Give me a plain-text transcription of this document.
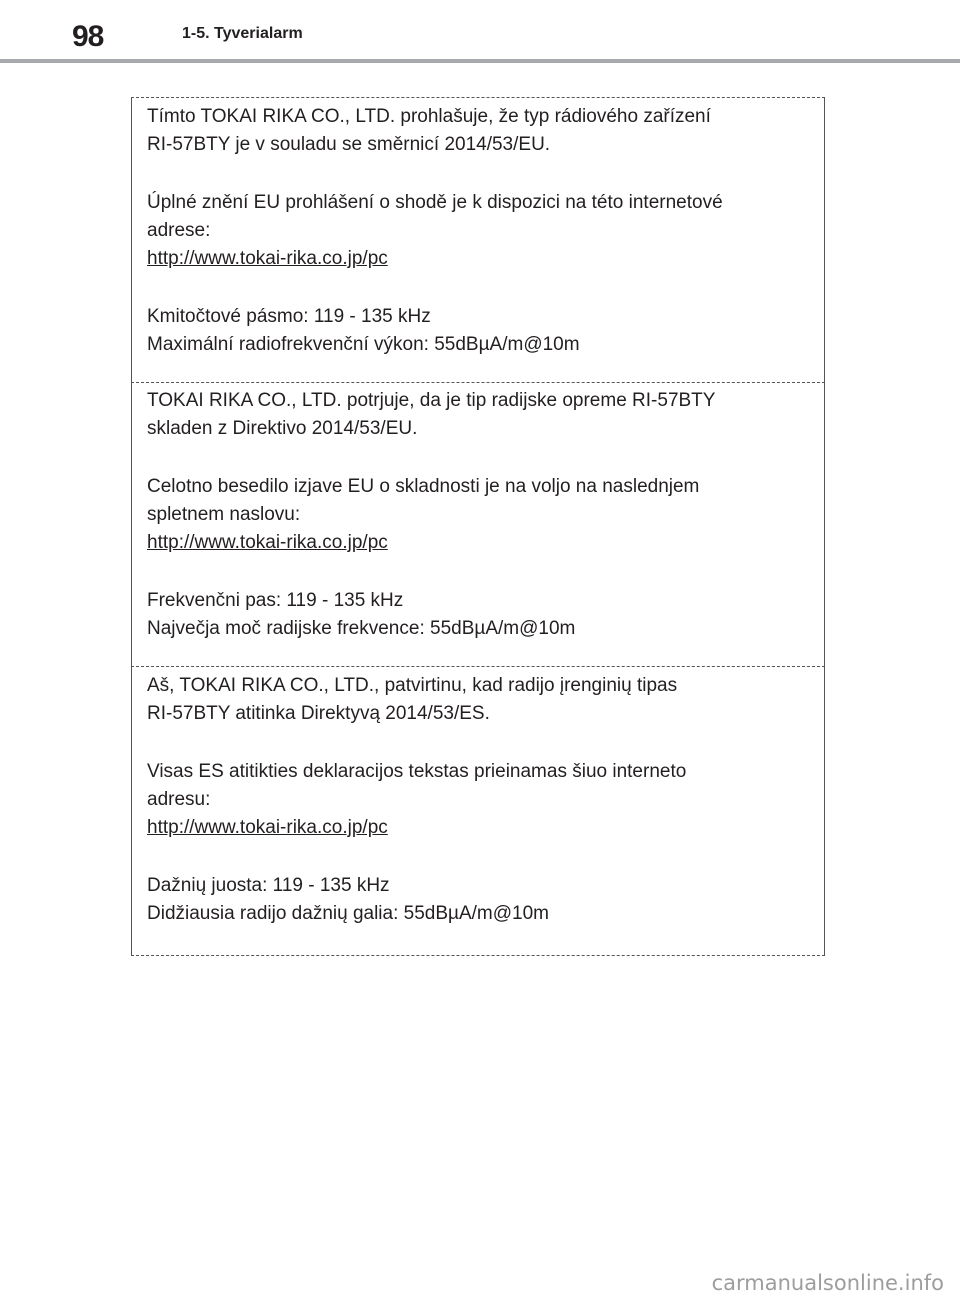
98	1-5. Tyverialarm

Tímto TOKAI RIKA CO., LTD. prohlašuje, že typ rádiového zařízení

RI-57BTY je v souladu se směrnicí 2014/53/EU.

Úplné znění EU prohlášení o shodě je k dispozici na této internetové

adrese:

http://www.tokai-rika.co.jp/pc

Kmitočtové pásmo: 119 - 135 kHz

Maximální radiofrekvenční výkon: 55dBµA/m@10m

TOKAI RIKA CO., LTD. potrjuje, da je tip radijske opreme RI-57BTY

skladen z Direktivo 2014/53/EU.

Celotno besedilo izjave EU o skladnosti je na voljo na naslednjem

spletnem naslovu:

http://www.tokai-rika.co.jp/pc

Frekvenčni pas: 119 - 135 kHz

Največja moč radijske frekvence: 55dBµA/m@10m

Aš, TOKAI RIKA CO., LTD., patvirtinu, kad radijo įrenginių tipas

RI-57BTY atitinka Direktyvą 2014/53/ES.

Visas ES atitikties deklaracijos tekstas prieinamas šiuo interneto

adresu:

http://www.tokai-rika.co.jp/pc

Dažnių juosta: 119 - 135 kHz

Didžiausia radijo dažnių galia: 55dBµA/m@10m

carmanualsonline.info
